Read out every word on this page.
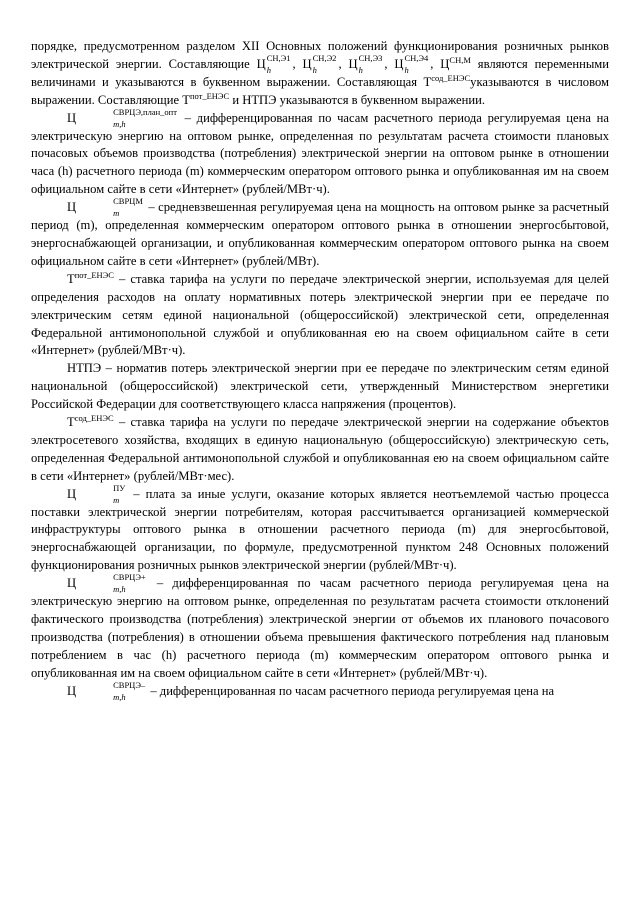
порядке, предусмотренном разделом XII Основных положений функционирования розничных рынков электрической энергии. Составляющие Ц СН,Э1
h	, Ц СН,Э2
h	, Ц СН,Э3
h	, Ц СН,Э4
h	, $Ц^{СН,М}$ являются переменными величинами и указываются в буквенном выражении. Составляющая $Т^{сод\_ЕНЭС}указываются$ в числовом выражении. Составляющие $Т^{пот\_ЕНЭС}$ и НТПЭ указываются в буквенном выражении.

Ц	СВРЦЭ,план_опт
m,h	– дифференцированная по часам расчетного периода регулируемая цена на электрическую энергию на оптовом рынке, определенная по результатам расчета стоимости плановых почасовых объемов производства (потребления) электрической энергии на оптовом рынке в отношении часа (h) расчетного периода (m) коммерческим оператором оптового рынка и опубликованная им на своем официальном сайте в сети «Интернет» (рублей/МВт·ч).

Ц	СВРЦМ
m	– средневзвешенная регулируемая цена на мощность на оптовом рынке за расчетный период (m), определенная коммерческим оператором оптового рынка в отношении энергосбытовой, энергоснабжающей организации, и опубликованная коммерческим оператором оптового рынка на своем официальном сайте в сети «Интернет» (рублей/МВт).

$Т^{пот\_ЕНЭС}$ – ставка тарифа на услуги по передаче электрической энергии, используемая для целей определения расходов на оплату нормативных потерь электрической энергии при ее передаче по электрическим сетям единой национальной (общероссийской) электрической сети, определенная Федеральной антимонопольной службой и опубликованная ею на своем официальном сайте в сети «Интернет» (рублей/МВт·ч).

НТПЭ – норматив потерь электрической энергии при ее передаче по электрическим сетям единой национальной (общероссийской) электрической сети, утвержденный Министерством энергетики Российской Федерации для соответствующего класса напряжения (процентов).

$Т^{сод\_ЕНЭС}$ – ставка тарифа на услуги по передаче электрической энергии на содержание объектов электросетевого хозяйства, входящих в единую национальную (общероссийскую) электрическую сеть, определенная Федеральной антимонопольной службой и опубликованная ею на своем официальном сайте в сети «Интернет» (рублей/МВт·мес).

Ц	ПУ
m – плата за иные услуги, оказание которых является неотъемлемой частью процесса поставки электрической энергии потребителям, которая рассчитывается организацией коммерческой инфраструктуры оптового рынка в отношении расчетного периода (m) для энергосбытовой, энергоснабжающей организации, по формуле, предусмотренной пунктом 248 Основных положений функционирования розничных рынков электрической энергии (рублей/МВт·ч).

Ц	СВРЦЭ+
m,h	– дифференцированная по часам расчетного периода регулируемая цена на электрическую энергию на оптовом рынке, определенная по результатам расчета стоимости отклонений фактического производства (потребления) электрической энергии от объемов их планового почасового производства (потребления) в отношении объема превышения фактического потребления над плановым потреблением в час (h) расчетного периода (m) коммерческим оператором оптового рынка и опубликованная им на своем официальном сайте в сети «Интернет» (рублей/МВт·ч).

Ц	СВРЦЭ–
m,h	– дифференцированная по часам расчетного периода регулируемая цена на
